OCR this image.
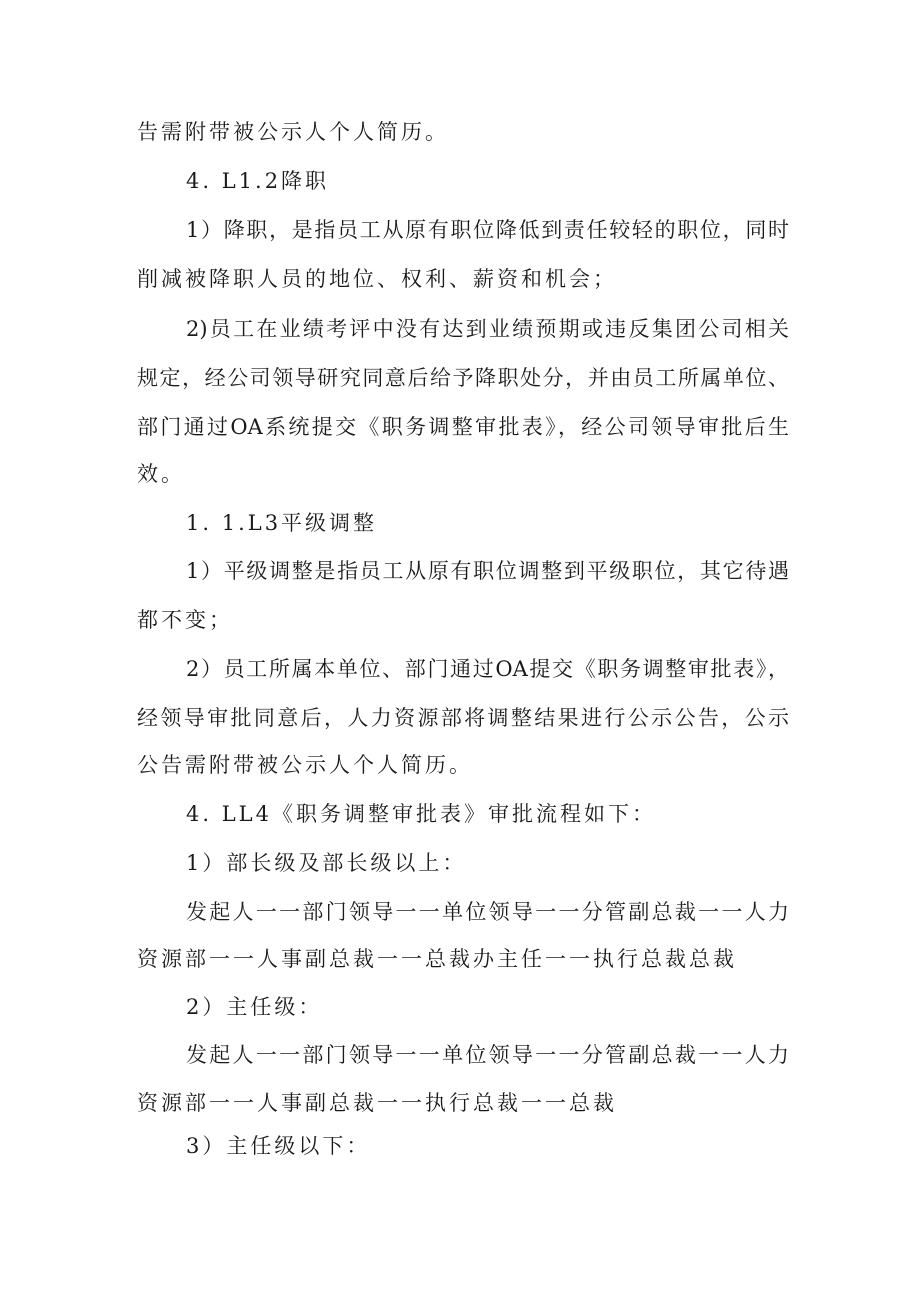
告需附带被公示人个人简历。
4. L1.2降职
1）降职，是指员工从原有职位降低到责任较轻的职位，同时
削减被降职人员的地位、权利、薪资和机会；
2)员工在业绩考评中没有达到业绩预期或违反集团公司相关
规定，经公司领导研究同意后给予降职处分，并由员工所属单位、
部门通过OA系统提交《职务调整审批表》，经公司领导审批后生
效。
1. 1.L3平级调整
1）平级调整是指员工从原有职位调整到平级职位，其它待遇
都不变；
2）员工所属本单位、部门通过OA提交《职务调整审批表》，
经领导审批同意后，人力资源部将调整结果进行公示公告，公示
公告需附带被公示人个人简历。
4. LL4《职务调整审批表》审批流程如下：
1）部长级及部长级以上：
发起人一一部门领导一一单位领导一一分管副总裁一一人力
资源部一一人事副总裁一一总裁办主任一一执行总裁总裁
2）主任级：
发起人一一部门领导一一单位领导一一分管副总裁一一人力
资源部一一人事副总裁一一执行总裁一一总裁
3）主任级以下：
